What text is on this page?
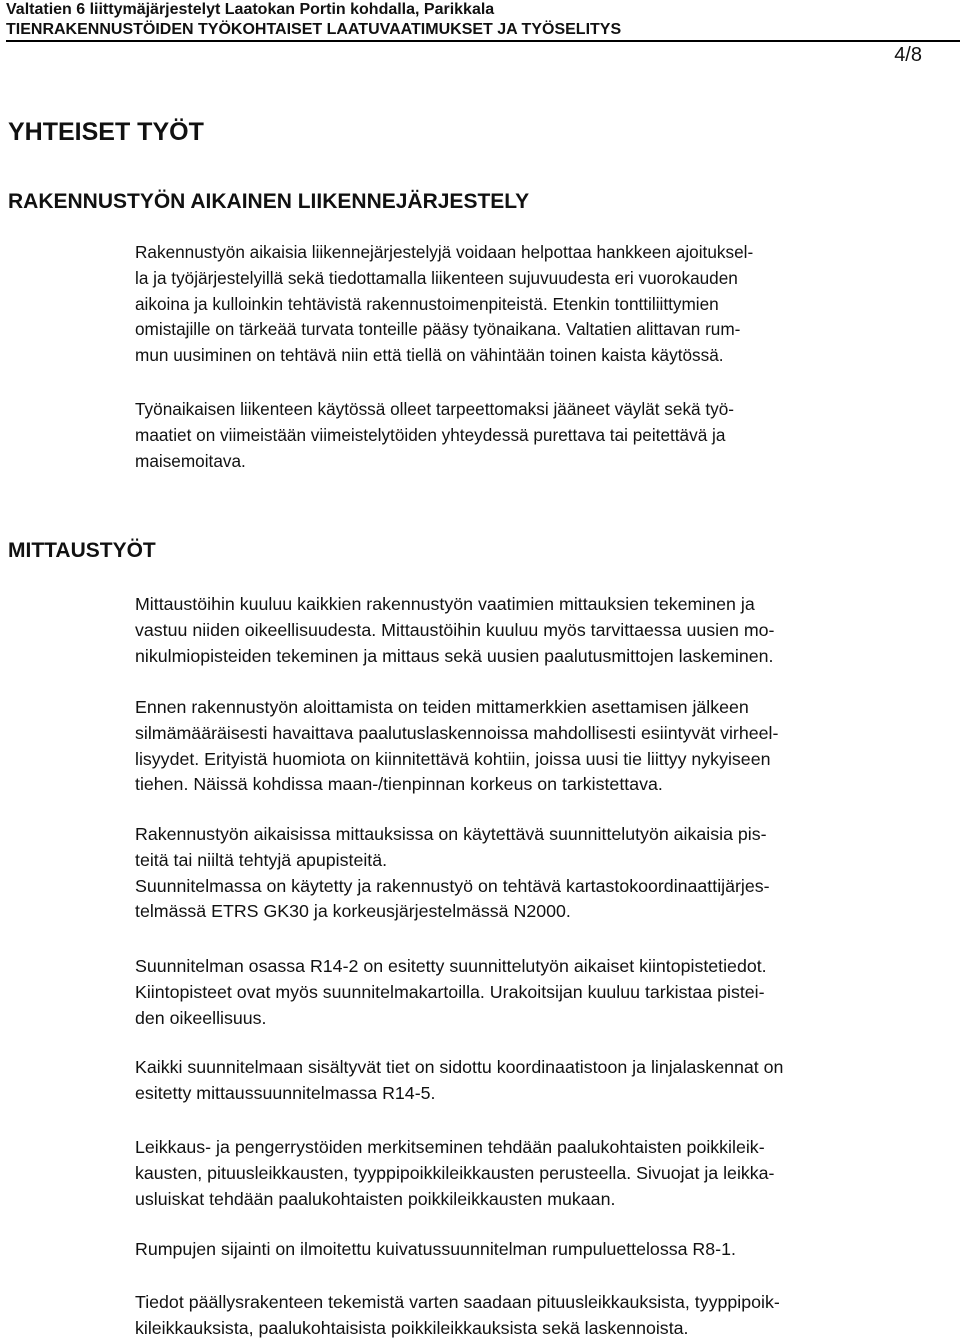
Valtatien 6 liittymäjärjestelyt Laatokan Portin kohdalla, Parikkala
TIENRAKENNUSTÖIDEN TYÖKOHTAISET LAATUVAATIMUKSET JA TYÖSELITYS
4/8
YHTEISET TYÖT
RAKENNUSTYÖN AIKAINEN LIIKENNEJÄRJESTELY
Rakennustyön aikaisia liikennejärjestelyjä voidaan helpottaa hankkeen ajoituksel-
la ja työjärjestelyillä sekä tiedottamalla liikenteen sujuvuudesta eri vuorokauden
aikoina ja kulloinkin tehtävistä rakennustoimenpiteistä. Etenkin tonttiliittymien
omistajille on tärkeää turvata tonteille pääsy työnaikana. Valtatien alittavan rum-
mun uusiminen on tehtävä niin että tiellä on vähintään toinen kaista käytössä.
Työnaikaisen liikenteen käytössä olleet tarpeettomaksi jääneet väylät sekä työ-
maatiet on viimeistään viimeistelytöiden yhteydessä purettava tai peitettävä ja
maisemoitava.
MITTAUSTYÖT
Mittaustöihin kuuluu kaikkien rakennustyön vaatimien mittauksien tekeminen ja
vastuu niiden oikeellisuudesta. Mittaustöihin kuuluu myös tarvittaessa uusien mo-
nikulmiopisteiden tekeminen ja mittaus sekä uusien paalutusmittojen laskeminen.
Ennen rakennustyön aloittamista on teiden mittamerkkien asettamisen jälkeen
silmämääräisesti havaittava paalutuslaskennoissa mahdollisesti esiintyvät virheel-
lisyydet. Erityistä huomiota on kiinnitettävä kohtiin, joissa uusi tie liittyy nykyiseen
tiehen. Näissä kohdissa maan-/tienpinnan korkeus on tarkistettava.
Rakennustyön aikaisissa mittauksissa on käytettävä suunnittelutyön aikaisia pis-
teitä tai niiltä tehtyjä apupisteitä.
Suunnitelmassa on käytetty ja rakennustyö on tehtävä kartastokoordinaattijärjes-
telmässä ETRS GK30 ja korkeusjärjestelmässä N2000.
Suunnitelman osassa R14-2 on esitetty suunnittelutyön aikaiset kiintopistetiedot.
Kiintopisteet ovat myös suunnitelmakartoilla. Urakoitsijan kuuluu tarkistaa pistei-
den oikeellisuus.
Kaikki suunnitelmaan sisältyvät tiet on sidottu koordinaatistoon ja linjalaskennat on
esitetty mittaussuunnitelmassa R14-5.
Leikkaus- ja pengerrystöiden merkitseminen tehdään paalukohtaisten poikkileik-
kausten, pituusleikkausten, tyyppipoikkileikkausten perusteella. Sivuojat ja leikka-
usluiskat tehdään paalukohtaisten poikkileikkausten mukaan.
Rumpujen sijainti on ilmoitettu kuivatussuunnitelman rumpuluettelossa R8-1.
Tiedot päällysrakenteen tekemistä varten saadaan pituusleikkauksista, tyyppipoik-
kileikkauksista, paalukohtaisista poikkileikkauksista sekä laskennoista.
